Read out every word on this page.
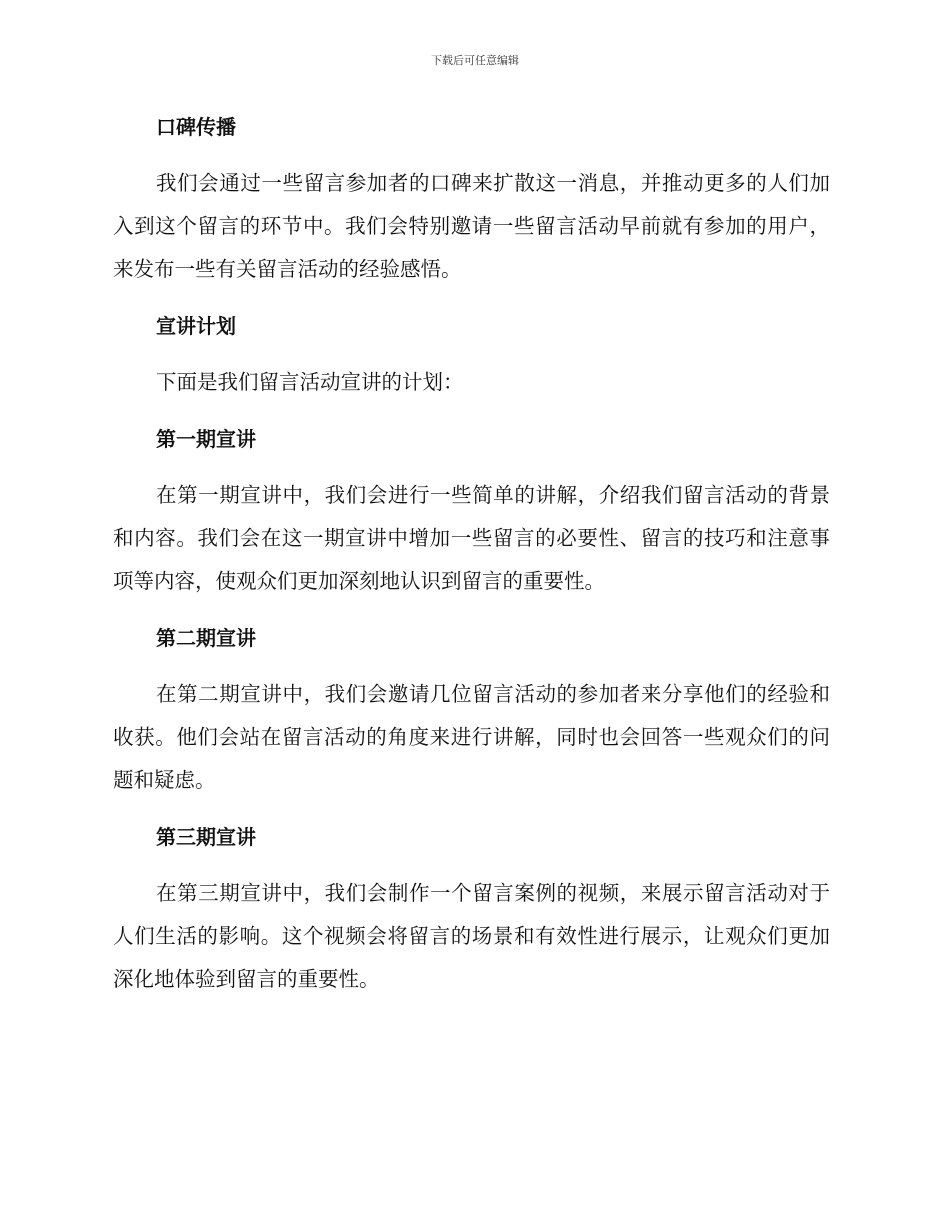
下载后可任意编辑
口碑传播

我们会通过一些留言参加者的口碑来扩散这一消息，并推动更多的人们加入到这个留言的环节中。我们会特别邀请一些留言活动早前就有参加的用户，来发布一些有关留言活动的经验感悟。

宣讲计划

下面是我们留言活动宣讲的计划：

第一期宣讲

在第一期宣讲中，我们会进行一些简单的讲解，介绍我们留言活动的背景和内容。我们会在这一期宣讲中增加一些留言的必要性、留言的技巧和注意事项等内容，使观众们更加深刻地认识到留言的重要性。

第二期宣讲

在第二期宣讲中，我们会邀请几位留言活动的参加者来分享他们的经验和收获。他们会站在留言活动的角度来进行讲解，同时也会回答一些观众们的问题和疑虑。

第三期宣讲

在第三期宣讲中，我们会制作一个留言案例的视频，来展示留言活动对于人们生活的影响。这个视频会将留言的场景和有效性进行展示，让观众们更加深化地体验到留言的重要性。
